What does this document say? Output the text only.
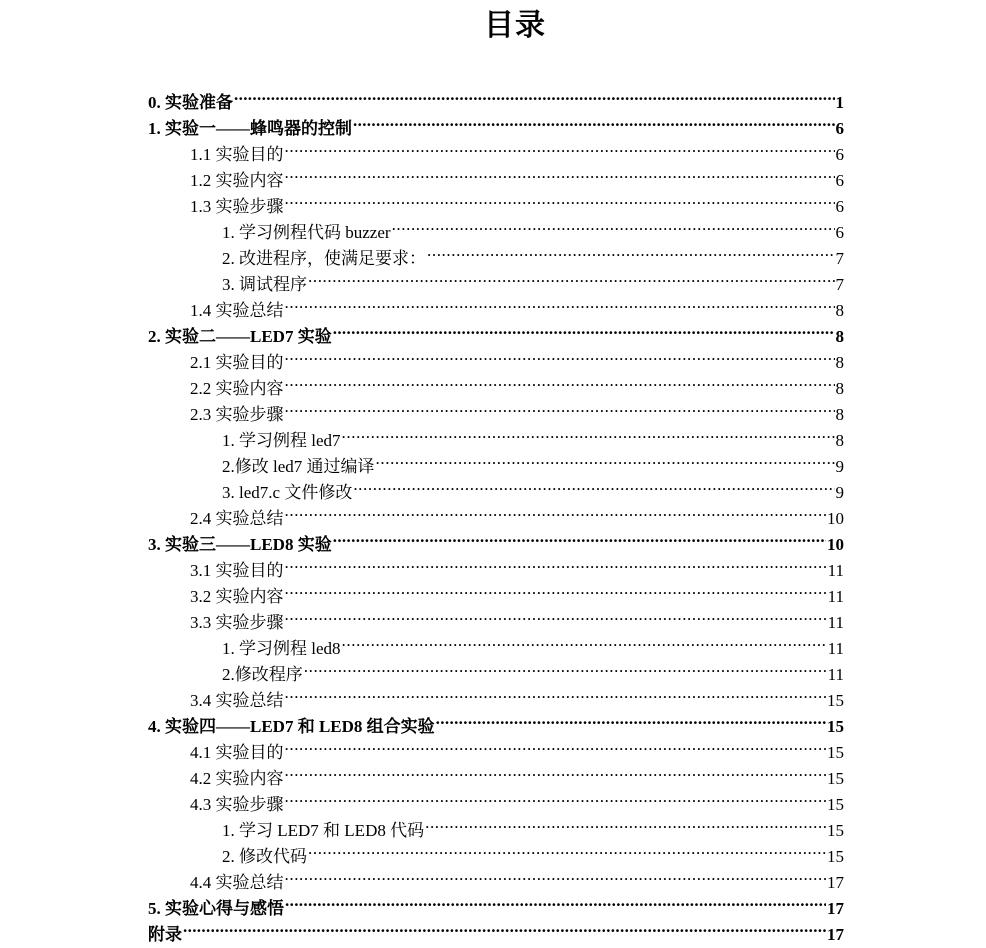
目录
0. 实验准备 .....	1
1. 实验一——蜂鸣器的控制 .....	6
1.1 实验目的 .....	6
1.2 实验内容 .....	6
1.3 实验步骤 .....	6
1. 学习例程代码 buzzer .....	6
2. 改进程序，使满足要求： .....	7
3. 调试程序 .....	7
1.4 实验总结 .....	8
2. 实验二——LED7 实验 .....	8
2.1 实验目的 .....	8
2.2 实验内容 .....	8
2.3 实验步骤 .....	8
1. 学习例程 led7 .....	8
2.修改 led7 通过编译 .....	9
3. led7.c 文件修改 .....	9
2.4 实验总结 .....	10
3. 实验三——LED8 实验 .....	10
3.1 实验目的 .....	11
3.2 实验内容 .....	11
3.3 实验步骤 .....	11
1. 学习例程 led8 .....	11
2.修改程序 .....	11
3.4 实验总结 .....	15
4. 实验四——LED7 和 LED8 组合实验 .....	15
4.1 实验目的 .....	15
4.2 实验内容 .....	15
4.3 实验步骤 .....	15
1. 学习 LED7 和 LED8 代码 .....	15
2. 修改代码 .....	15
4.4 实验总结 .....	17
5. 实验心得与感悟 .....	17
附录 .....	17
